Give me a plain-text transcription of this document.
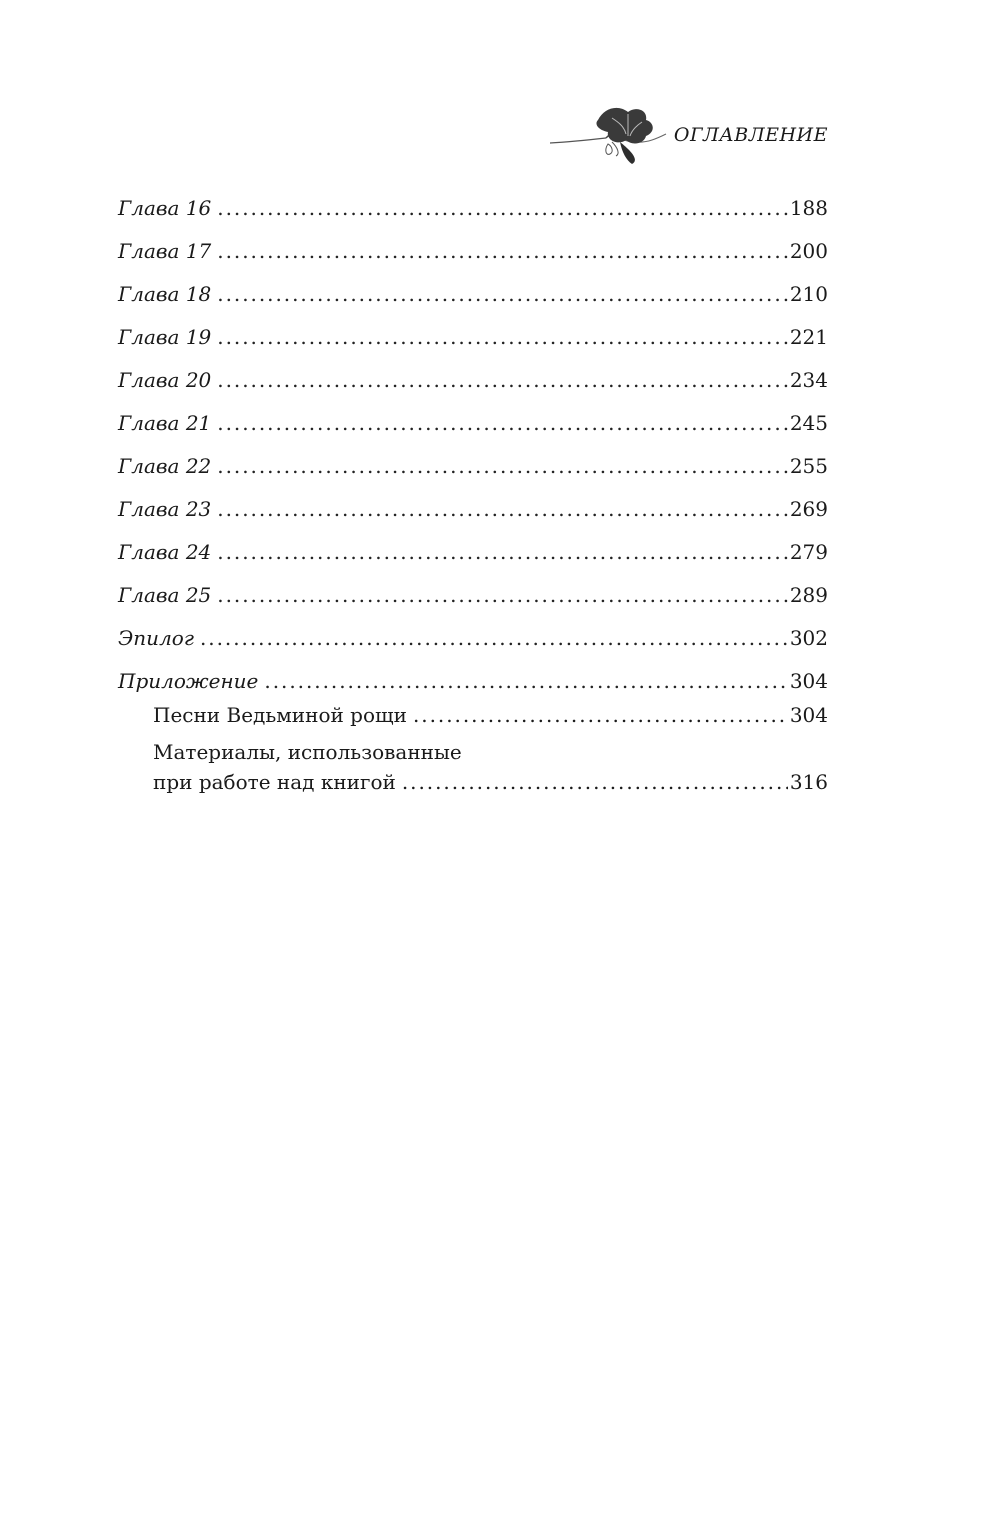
ОГЛАВЛЕНИЕ
Глава 16 . . .	188
Глава 17 . . .	200
Глава 18 . . .	210
Глава 19 . . .	221
Глава 20 . . .	234
Глава 21 . . .	245
Глава 22 . . .	255
Глава 23 . . .	269
Глава 24 . . .	279
Глава 25 . . .	289
Эпилог . . .	302
Приложение . . .	304
Песни Ведьминой рощи . . .	304
Материалы, использованные
при работе над книгой . . .	316
